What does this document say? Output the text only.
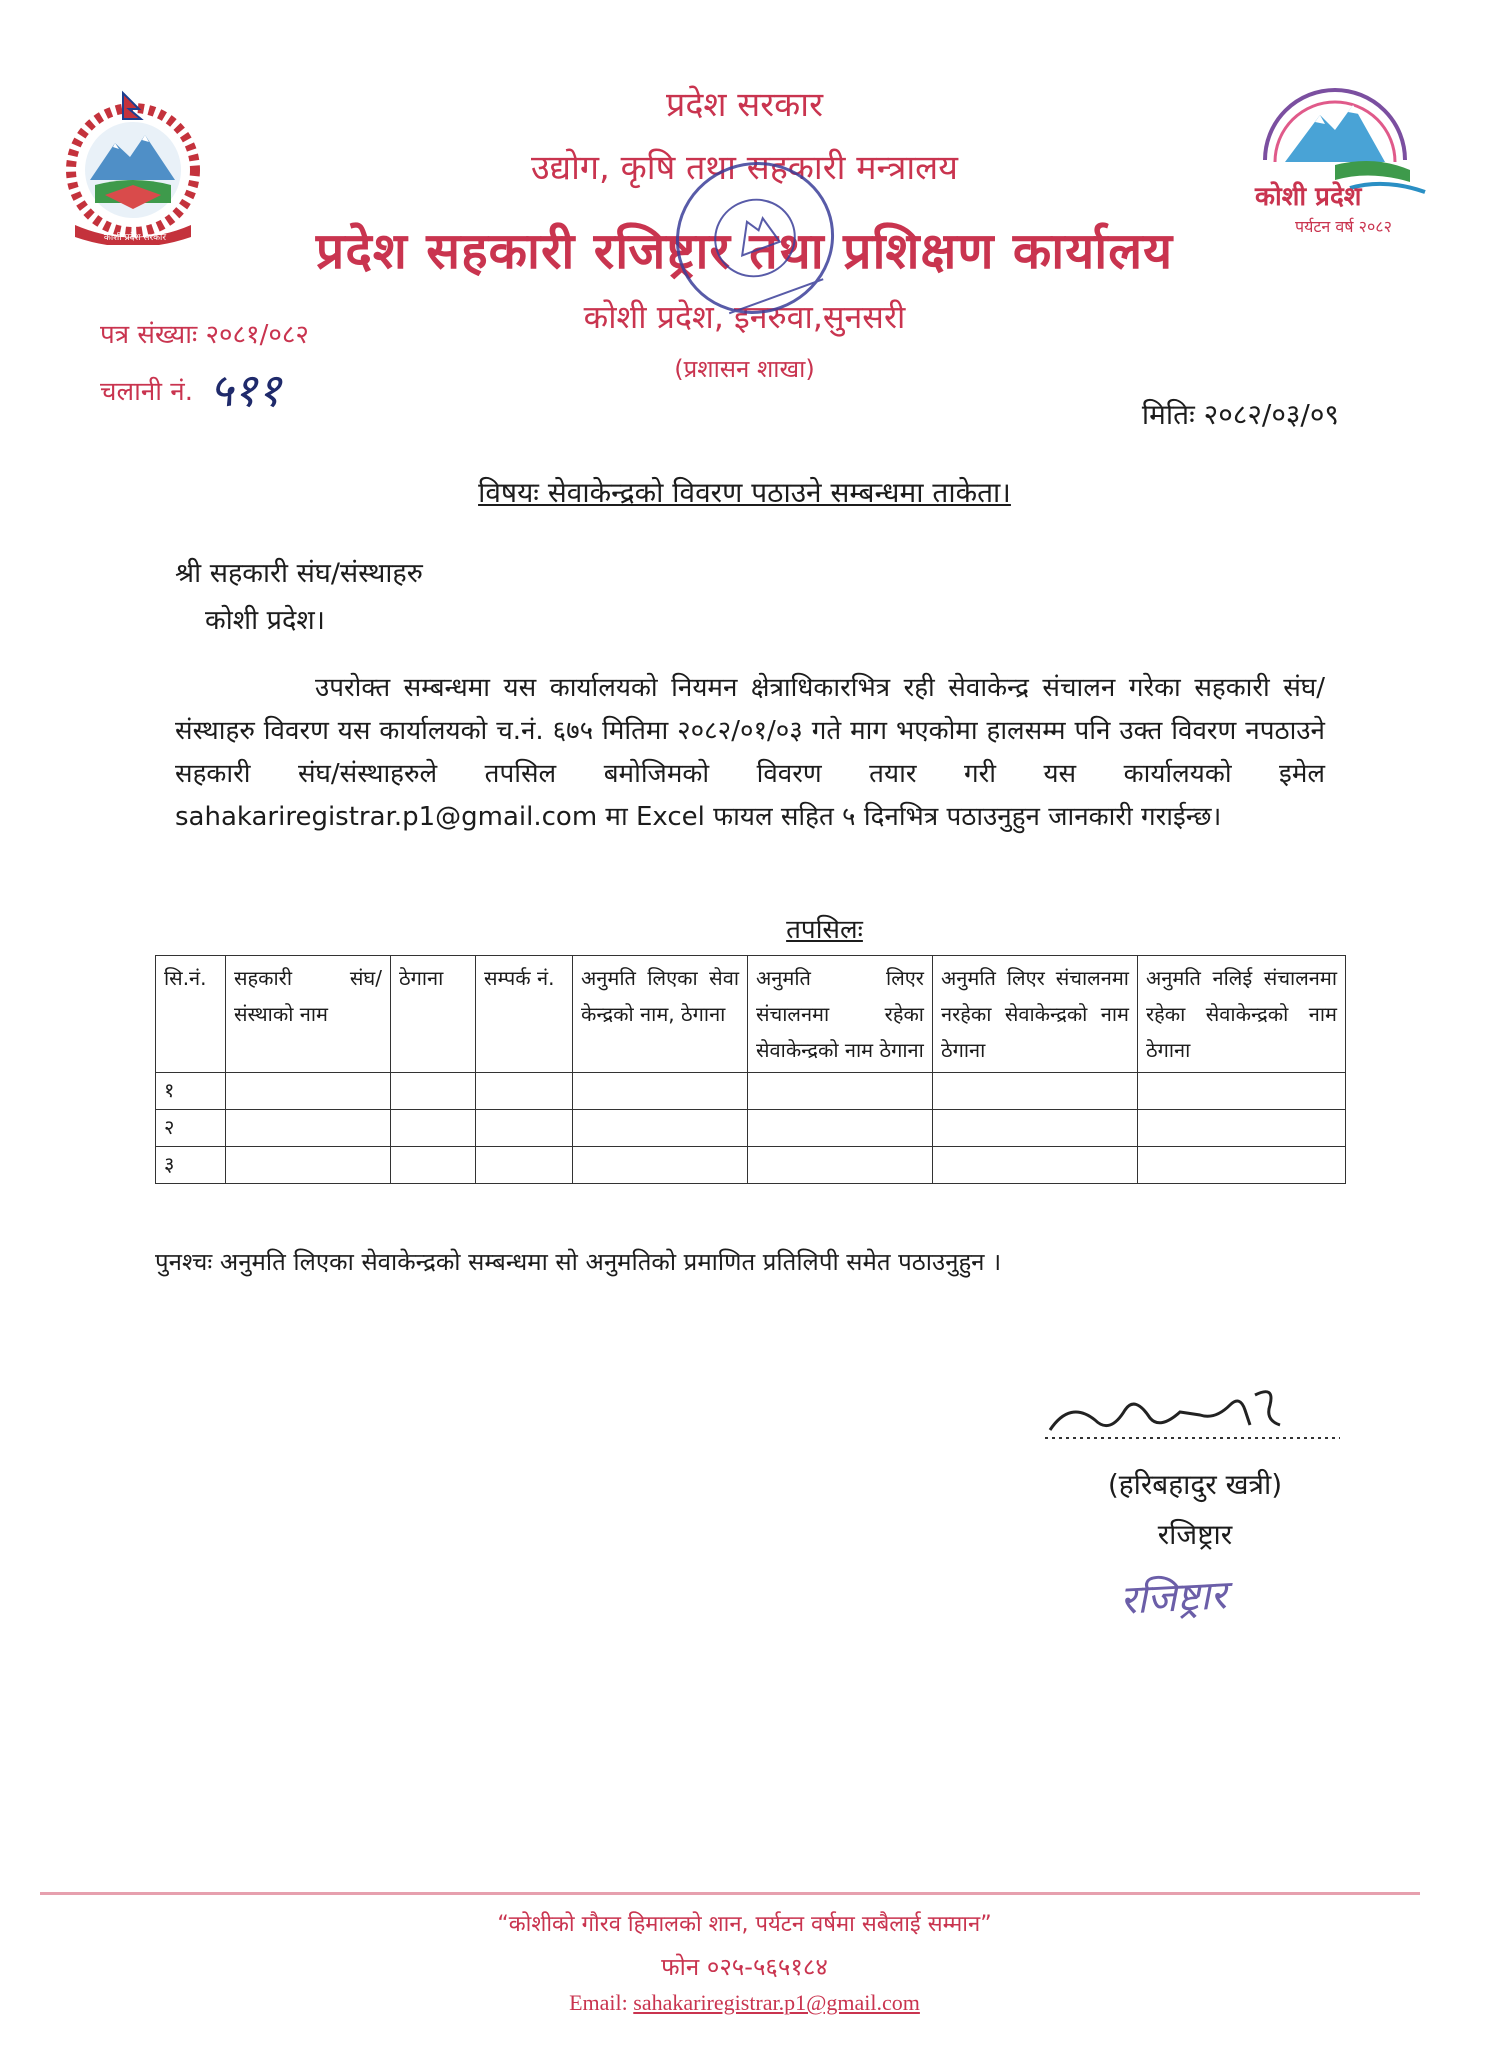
कोशी प्रदेश सरकार
कोशी प्रदेश
पर्यटन वर्ष २०८२
प्रदेश सरकार
उद्योग, कृषि तथा सहकारी मन्त्रालय
प्रदेश सहकारी रजिष्ट्रार तथा प्रशिक्षण कार्यालय
कोशी प्रदेश, इनरुवा,सुनसरी
(प्रशासन शाखा)
पत्र संख्याः २०८१/०८२
चलानी नं. ५११	मितिः २०८२/०३/०९
विषयः सेवाकेन्द्रको विवरण पठाउने सम्बन्धमा ताकेता।
श्री सहकारी संघ/संस्थाहरु
कोशी प्रदेश।
उपरोक्त सम्बन्धमा यस कार्यालयको नियमन क्षेत्राधिकारभित्र रही सेवाकेन्द्र संचालन गरेका सहकारी संघ/संस्थाहरु विवरण यस कार्यालयको च.नं. ६७५ मितिमा २०८२/०१/०३ गते माग भएकोमा हालसम्म पनि उक्त विवरण नपठाउने सहकारी संघ/संस्थाहरुले तपसिल बमोजिमको विवरण तयार गरी यस कार्यालयको इमेल sahakariregistrar.p1@gmail.com मा Excel फायल सहित ५ दिनभित्र पठाउनुहुन जानकारी गराईन्छ।
तपसिलः
सि.नं.	सहकारी संघ/ संस्थाको नाम	ठेगाना	सम्पर्क नं.	अनुमति लिएका सेवा केन्द्रको नाम, ठेगाना	अनुमति लिएर संचालनमा रहेका सेवाकेन्द्रको नाम ठेगाना	अनुमति लिएर संचालनमा नरहेका सेवाकेन्द्रको नाम ठेगाना	अनुमति नलिई संचालनमा रहेका सेवाकेन्द्रको नाम ठेगाना
१							
२							
३							
पुनश्चः अनुमति लिएका सेवाकेन्द्रको सम्बन्धमा सो अनुमतिको प्रमाणित प्रतिलिपी समेत पठाउनुहुन ।
(हरिबहादुर खत्री)
रजिष्ट्रार
रजिष्ट्रार
“कोशीको गौरव हिमालको शान, पर्यटन वर्षमा सबैलाई सम्मान”
फोन ०२५-५६५१८४
Email: sahakariregistrar.p1@gmail.com
